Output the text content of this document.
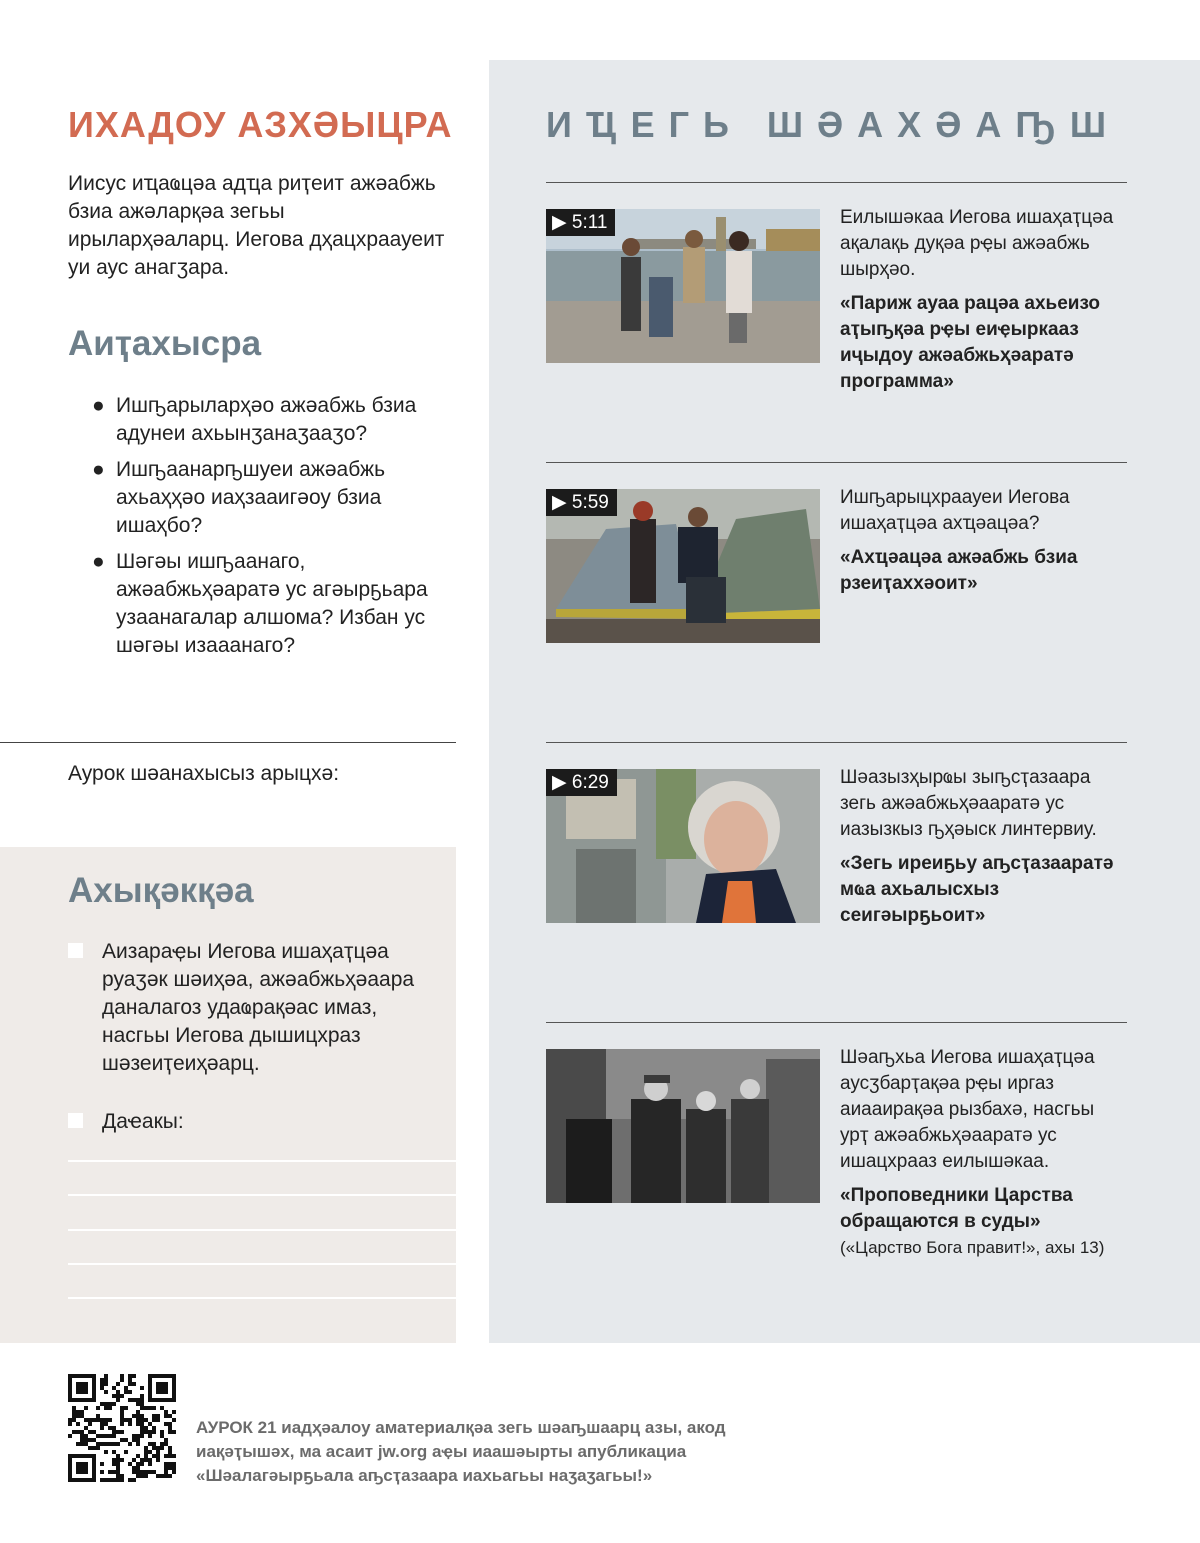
ИХАДОУ АЗХӘЫЦРА
Иисус иҵаҩцәа адҵа риҭеит ажәабжь бзиа ажәларқәа зегьы ирыларҳәаларц. Иегова дҳацхраауеит уи аус анагӡара.
Аиҭахысра
● Ишҧарыларҳәо ажәабжь бзиа адунеи ахьынӡанаӡааӡо?
● Ишҧаанарҧшуеи ажәабжь ахьаҳҳәо иаҳзааигәоу бзиа ишаҳбо?
● Шәгәы ишҧаанаго, ажәабжьҳәаратә ус агәырҕьара узаанагалар алшома? Избан ус шәгәы изааанаго?
Аурок шәанахысыз арыцхә:
Ахықәкқәа
Аизараҿы Иегова ишаҳаҭцәа руаӡәк шәиҳәа, ажәабжьҳәаара даналагоз удаҩрақәас имаз, насгьы Иегова дышицхраз шәзеиҭеиҳәарц.
Даҽакы:
ИҴЕГЬ ШӘАХӘАҦШ
▶ 5:11	Еилышәкаа Иегова ишаҳаҭцәа ақалақь дуқәа рҿы ажәабжь шырҳәо.
«Париж ауаа рацәа ахьеизо аҭыҧқәа рҿы еиҿыркааз иҷыдоу ажәабжьҳәаратә программа»
▶ 5:59	Ишҧарыцхраауеи Иегова ишаҳаҭцәа ахҵәацәа?
«Ахҵәацәа ажәабжь бзиа рзеиҭаххәоит»
▶ 6:29	Шәазызҳырҩы зыҧсҭазаара зегь ажәабжьҳәааратә ус иазызкыз ҧҳәыск линтервиу.
«Зегь иреиҕьу аҧсҭазааратә мҩа ахьалысхыз сеигәырҕьоит»
Шәаҧхьа Иегова ишаҳаҭцәа аусӡбарҭақәа рҿы иргаз аиааирақәа рызбахә, насгьы урҭ ажәабжьҳәааратә ус ишацхрааз еилышәкаа.
«Проповедники Царства обращаются в суды»
(«Царство Бога правит!», ахы 13)
АУРОК 21 иадҳәалоу аматериалқәа зегь шәаҧшаарц азы, акод иақәҭышәх, ма асаит jw.org аҿы иаашәырты апубликациа «Шәалагәырҕьала аҧсҭазаара иахьагьы наӡаӡагьы!»
